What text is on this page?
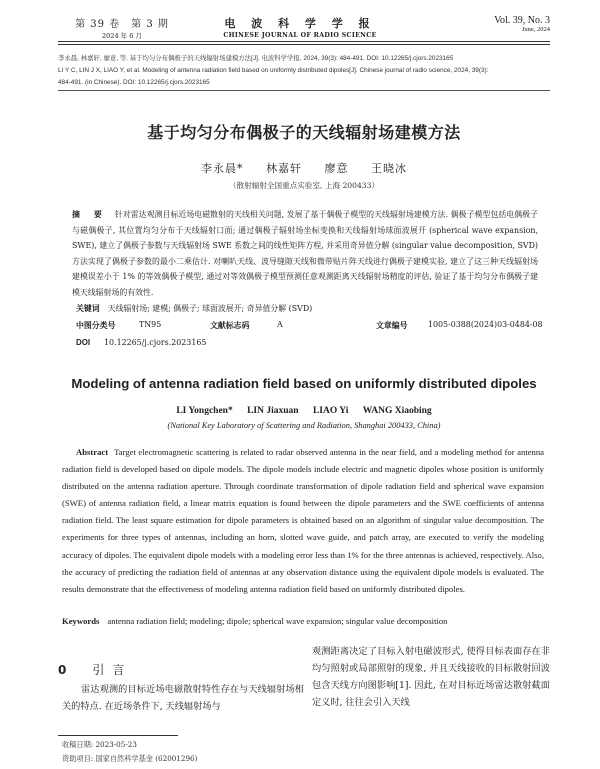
第 39 卷　第 3 期
2024 年 6 月
电 波 科 学 学 报
CHINESE JOURNAL OF RADIO SCIENCE
Vol. 39, No. 3
June, 2024
李永晨, 林嘉轩, 廖意, 等. 基于均匀分布偶极子的天线辐射场建模方法[J]. 电波科学学报, 2024, 39(3): 484-491. DOI: 10.12265/j.cjors.2023165
LI Y C, LIN J X, LIAO Y, et al. Modeling of antenna radiation field based on uniformly distributed dipoles[J]. Chinese journal of radio science, 2024, 39(3):
484-491. (in Chinese). DOI: 10.12265/j.cjors.2023165
基于均匀分布偶极子的天线辐射场建模方法
李永晨* 林嘉轩 廖意 王晓冰
（散射辐射全国重点实验室, 上海 200433）
摘　要 针对雷达观测目标近场电磁散射的天线相关问题, 发展了基于偶极子模型的天线辐射场建模方法. 偶极子模型包括电偶极子与磁偶极子, 其位置均匀分布于天线辐射口面; 通过偶极子辐射场坐标变换和天线辐射场球面波展开 (spherical wave expansion, SWE), 建立了偶极子参数与天线辐射场 SWE 系数之间的线性矩阵方程, 并采用奇异值分解 (singular value decomposition, SVD) 方法实现了偶极子参数的最小二乘估计. 对喇叭天线、波导缝隙天线和微带贴片阵天线进行偶极子建模实验, 建立了这三种天线辐射场建模误差小于 1% 的等效偶极子模型, 通过对等效偶极子模型预测任意观测距离天线辐射场精度的评估, 验证了基于均匀分布偶极子建模天线辐射场的有效性.
关键词 天线辐射场; 建模; 偶极子; 球面波展开; 奇异值分解 (SVD)
中图分类号	TN95	文献标志码	A	文章编号	1005-0388(2024)03-0484-08
DOI 10.12265/j.cjors.2023165
Modeling of antenna radiation field based on uniformly distributed dipoles
LI Yongchen* LIN Jiaxuan LIAO Yi WANG Xiaobing
(National Key Laboratory of Scattering and Radiation, Shanghai 200433, China)
Abstract Target electromagnetic scattering is related to radar observed antenna in the near field, and a modeling method for antenna radiation field is developed based on dipole models. The dipole models include electric and magnetic dipoles whose position is uniformly distributed on the antenna radiation aperture. Through coordinate transformation of dipole radiation field and spherical wave expansion (SWE) of antenna radiation field, a linear matrix equation is found between the dipole parameters and the SWE coefficients of antenna radiation field. The least square estimation for dipole parameters is obtained based on an algorithm of singular value decomposition. The experiments for three types of antennas, including an horn, slotted wave guide, and patch array, are executed to verify the modeling accuracy of dipoles. The equivalent dipole models with a modeling error less than 1% for the three antennas is achieved, respectively. Also, the accuracy of predicting the radiation field of antennas at any observation distance using the equivalent dipole models is evaluated. The results demonstrate that the effectiveness of modeling antenna radiation field based on uniformly distributed dipoles.
Keywords antenna radiation field; modeling; dipole; spherical wave expansion; singular value decomposition
0 引言
雷达观测的目标近场电磁散射特性存在与天线辐射场相关的特点. 在近场条件下, 天线辐射场与
观测距离决定了目标入射电磁波形式, 使得目标表面存在非均匀照射或局部照射的现象, 并且天线接收的目标散射回波包含天线方向图影响[1]. 因此, 在对目标近场雷达散射截面定义时, 往往会引入天线
收稿日期: 2023-05-23
资助项目: 国家自然科学基金 (62001296)
